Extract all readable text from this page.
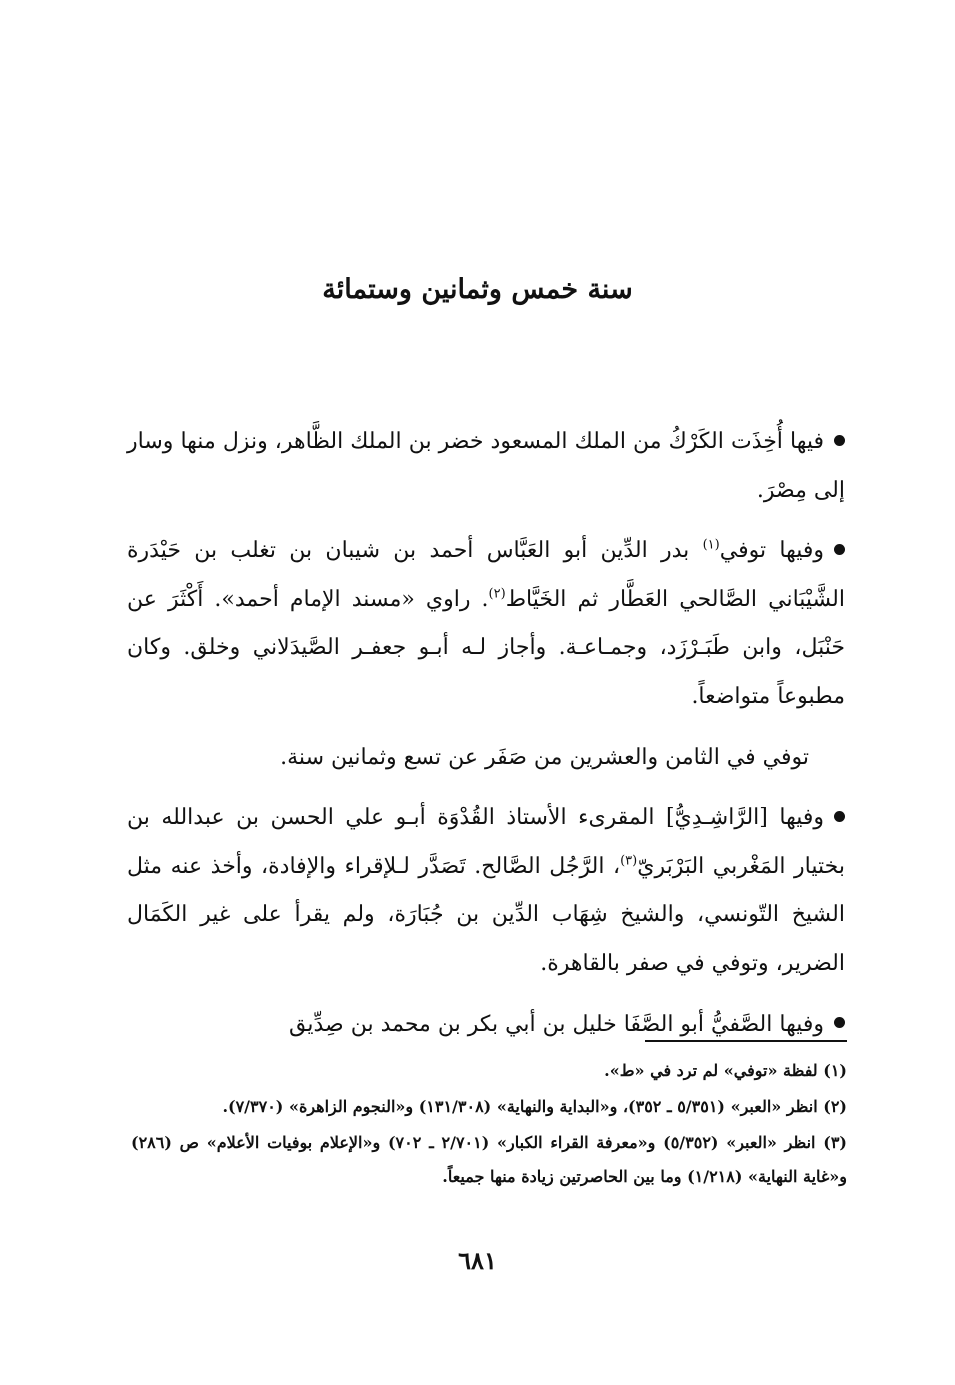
سنة خمس وثمانين وستمائة

فيها أُخِذَت الكَرْكُ من الملك المسعود خضر بن الملك الظَّاهر، ونزل منها وسار إلى مِصْرَ.

وفيها توفي$^{(١)}$ بدر الدِّين أبو العَبَّاس أحمد بن شيبان بن تغلب بن حَيْدَرة الشَّيْبَاني الصَّالحي العَطَّار ثم الخَيَّاط$^{(٢)}$. راوي «مسند الإمام أحمد». أَكْثَرَ عن حَنْبَل، وابن طَبَـرْزَد، وجمـاعـة. وأجاز لـه أبـو جعفـر الصَّيدَلاني وخلق. وكان مطبوعاً متواضعاً.

توفي في الثامن والعشرين من صَفَر عن تسع وثمانين سنة.

وفيها [الرَّاشِـدِيُّ] المقرىء الأستاذ القُدْوَة أبـو علي الحسن بن عبدالله بن بختيار المَغْربي البَرْبَريّ$^{(٣)}$، الرَّجُل الصَّالح. تَصَدَّر لـلإقراء والإفادة، وأخذ عنه مثل الشيخ التّونسي، والشيخ شِهَاب الدِّين بن جُبَارَة، ولم يقرأ على غير الكَمَال الضرير، وتوفي في صفر بالقاهرة.

وفيها الصَّفيُّ أبو الصَّفَا خليل بن أبي بكر بن محمد بن صِدِّيق

(١) لفظة «توفي» لم ترد في «ط».

(٢) انظر «العبر» (٥/٣٥١ ـ ٣٥٢)، و«البداية والنهاية» (١٣١/٣٠٨) و«النجوم الزاهرة» (٧/٣٧٠).

(٣) انظر «العبر» (٥/٣٥٢) و«معرفة القراء الكبار» (٢/٧٠١ ـ ٧٠٢) و«الإعلام بوفيات الأعلام» ص (٢٨٦) و«غاية النهاية» (١/٢١٨) وما بين الحاصرتين زيادة منها جميعاً.

٦٨١
